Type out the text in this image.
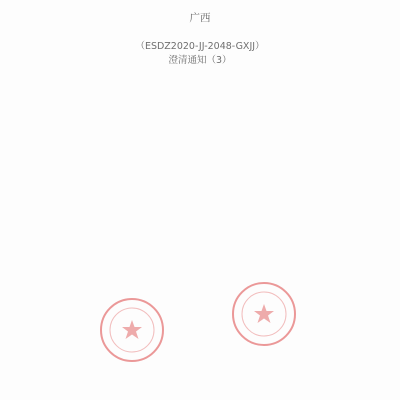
广西
（ESDZ2020-JJ-2048-GXJJ）
澄清通知（3）
